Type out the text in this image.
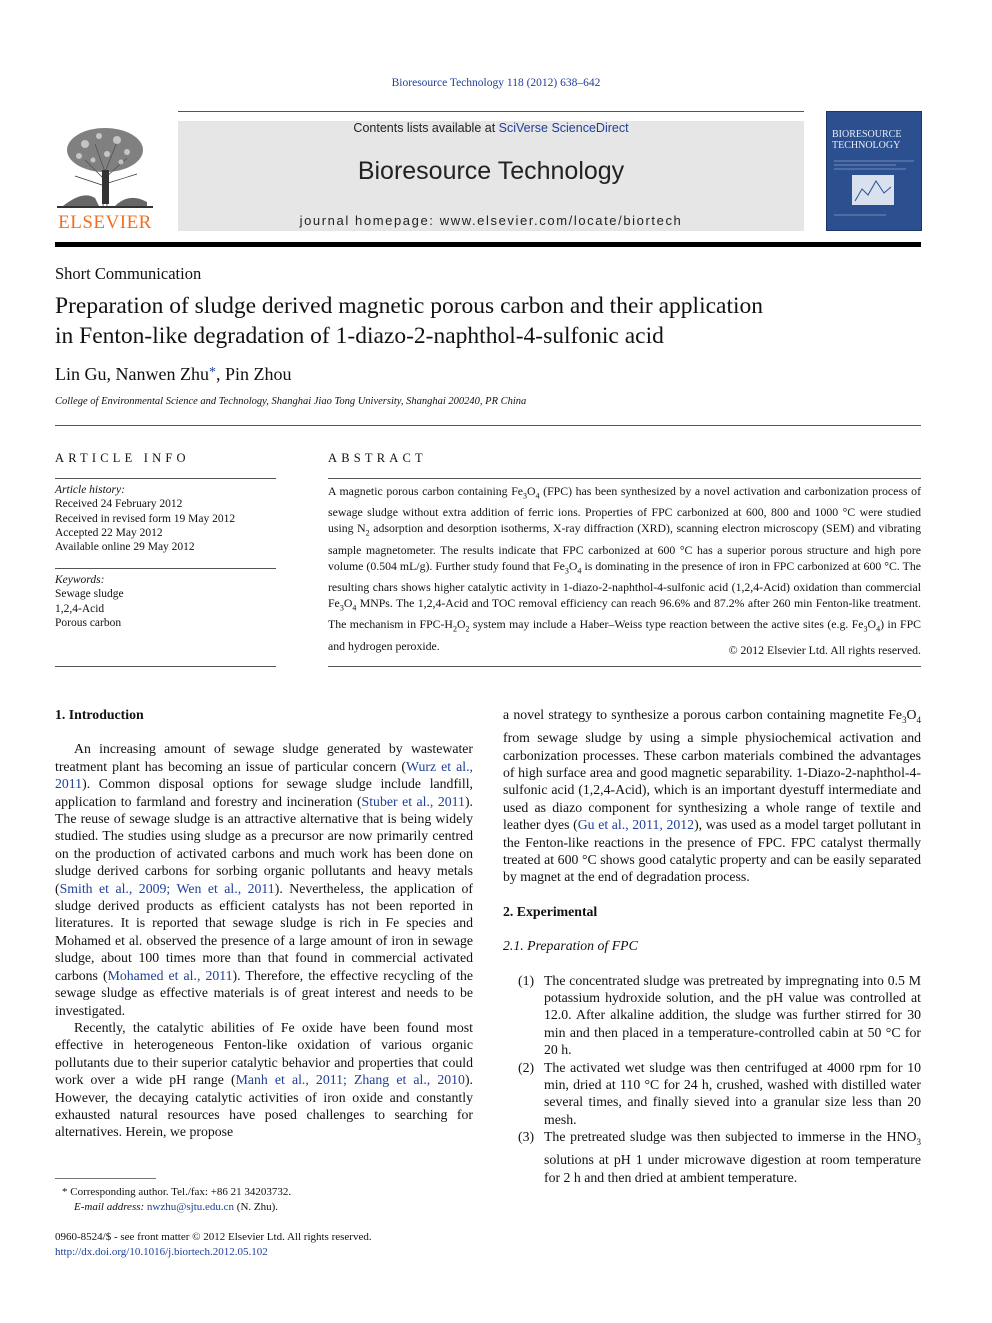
Bioresource Technology 118 (2012) 638–642
ELSEVIER
Contents lists available at SciVerse ScienceDirect
Bioresource Technology
journal homepage: www.elsevier.com/locate/biortech
BIORESOURCE TECHNOLOGY
Short Communication
Preparation of sludge derived magnetic porous carbon and their application
in Fenton-like degradation of 1-diazo-2-naphthol-4-sulfonic acid
Lin Gu, Nanwen Zhu*, Pin Zhou
College of Environmental Science and Technology, Shanghai Jiao Tong University, Shanghai 200240, PR China
ARTICLE INFO
Article history:
Received 24 February 2012
Received in revised form 19 May 2012
Accepted 22 May 2012
Available online 29 May 2012
Keywords:
Sewage sludge
1,2,4-Acid
Porous carbon
ABSTRACT
A magnetic porous carbon containing $Fe_3O_4$ (FPC) has been synthesized by a novel activation and carbonization process of sewage sludge without extra addition of ferric ions. Properties of FPC carbonized at 600, 800 and 1000 °C were studied using $N_2$ adsorption and desorption isotherms, X-ray diffraction (XRD), scanning electron microscopy (SEM) and vibrating sample magnetometer. The results indicate that FPC carbonized at 600 °C has a superior porous structure and high pore volume (0.504 mL/g). Further study found that $Fe_3O_4$ is dominating in the presence of iron in FPC carbonized at 600 °C. The resulting chars shows higher catalytic activity in 1-diazo-2-naphthol-4-sulfonic acid (1,2,4-Acid) oxidation than commercial $Fe_3O_4$ MNPs. The 1,2,4-Acid and TOC removal efficiency can reach 96.6% and 87.2% after 260 min Fenton-like treatment. The mechanism in FPC-$H_2O_2$ system may include a Haber–Weiss type reaction between the active sites (e.g. $Fe_3O_4$) in FPC and hydrogen peroxide.	© 2012 Elsevier Ltd. All rights reserved.
1. Introduction

An increasing amount of sewage sludge generated by wastewater treatment plant has becoming an issue of particular concern (Wurz et al., 2011). Common disposal options for sewage sludge include landfill, application to farmland and forestry and incineration (Stuber et al., 2011). The reuse of sewage sludge is an attractive alternative that is being widely studied. The studies using sludge as a precursor are now primarily centred on the production of activated carbons and much work has been done on sludge derived carbons for sorbing organic pollutants and heavy metals (Smith et al., 2009; Wen et al., 2011). Nevertheless, the application of sludge derived products as efficient catalysts has not been reported in literatures. It is reported that sewage sludge is rich in Fe species and Mohamed et al. observed the presence of a large amount of iron in sewage sludge, about 100 times more than that found in commercial activated carbons (Mohamed et al., 2011). Therefore, the effective recycling of the sewage sludge as effective materials is of great interest and needs to be investigated.

Recently, the catalytic abilities of Fe oxide have been found most effective in heterogeneous Fenton-like oxidation of various organic pollutants due to their superior catalytic behavior and properties that could work over a wide pH range (Manh et al., 2011; Zhang et al., 2010). However, the decaying catalytic activities of iron oxide and constantly exhausted natural resources have posed challenges to searching for alternatives. Herein, we propose

a novel strategy to synthesize a porous carbon containing magnetite $Fe_3O_4$ from sewage sludge by using a simple physiochemical activation and carbonization processes. These carbon materials combined the advantages of high surface area and good magnetic separability. 1-Diazo-2-naphthol-4-sulfonic acid (1,2,4-Acid), which is an important dyestuff intermediate and used as diazo component for synthesizing a whole range of textile and leather dyes (Gu et al., 2011, 2012), was used as a model target pollutant in the Fenton-like reactions in the presence of FPC. FPC catalyst thermally treated at 600 °C shows good catalytic property and can be easily separated by magnet at the end of degradation process.

2. Experimental
2.1. Preparation of FPC
(1) The concentrated sludge was pretreated by impregnating into 0.5 M potassium hydroxide solution, and the pH value was controlled at 12.0. After alkaline addition, the sludge was further stirred for 30 min and then placed in a temperature-controlled cabin at 50 °C for 20 h.
(2) The activated wet sludge was then centrifuged at 4000 rpm for 10 min, dried at 110 °C for 24 h, crushed, washed with distilled water several times, and finally sieved into a granular size less than 20 mesh.
(3) The pretreated sludge was then subjected to immerse in the $HNO_3$ solutions at pH 1 under microwave digestion at room temperature for 2 h and then dried at ambient temperature.
* Corresponding author. Tel./fax: +86 21 34203732.
E-mail address: nwzhu@sjtu.edu.cn (N. Zhu).
0960-8524/$ - see front matter © 2012 Elsevier Ltd. All rights reserved.
http://dx.doi.org/10.1016/j.biortech.2012.05.102
